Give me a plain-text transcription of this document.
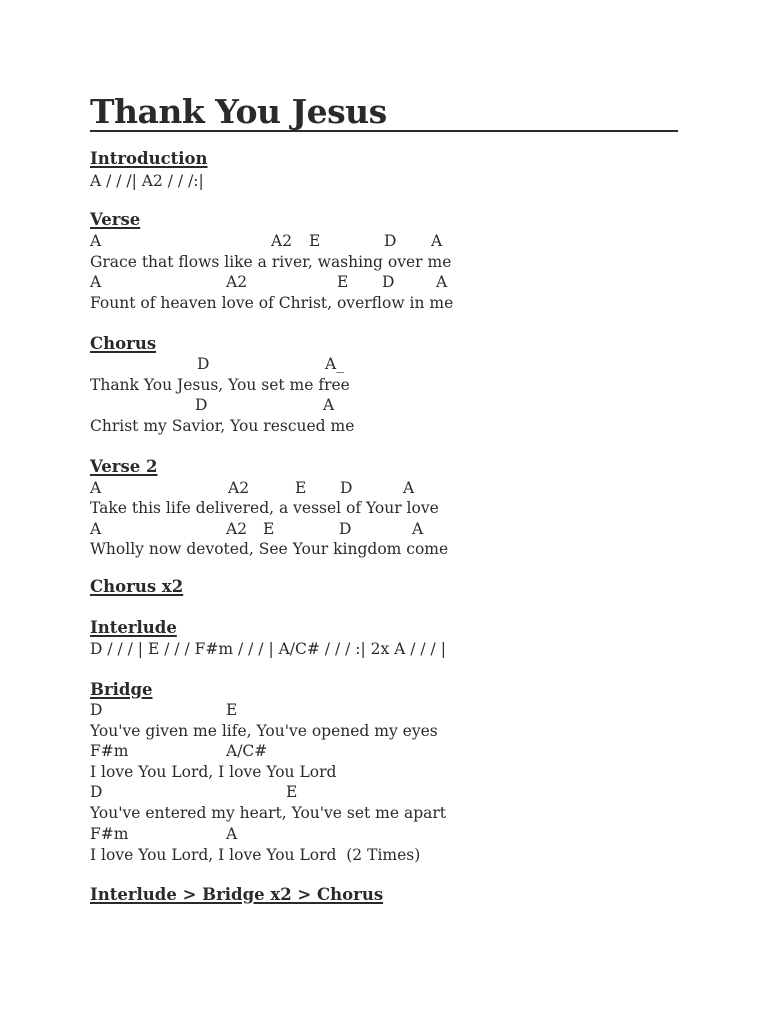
Thank You Jesus
Introduction
A / / /| A2 / / /:|
Verse

A

	A2

E

	D

A

Grace that flows like a river, washing over me

A

	A2

	E

D

	A

Fount of heaven love of Christ, overflow in me
Chorus

D

	A_

Thank You Jesus, You set me free

D

	A

Christ my Savior, You rescued me
Verse 2

A

	A2

	E

D

	A

Take this life delivered, a vessel of Your love

A

	A2

E

	D

	A

Wholly now devoted, See Your kingdom come
Chorus x2
Interlude
D / / / | E / / / F#m / / / | A/C# / / / :| 2x A / / / |
Bridge

D

	E

You've given me life, You've opened my eyes

F#m

	A/C#

I love You Lord, I love You Lord

D

	E

You've entered my heart, You've set me apart

F#m

	A

I love You Lord, I love You Lord  (2 Times)
Interlude > Bridge x2 > Chorus
